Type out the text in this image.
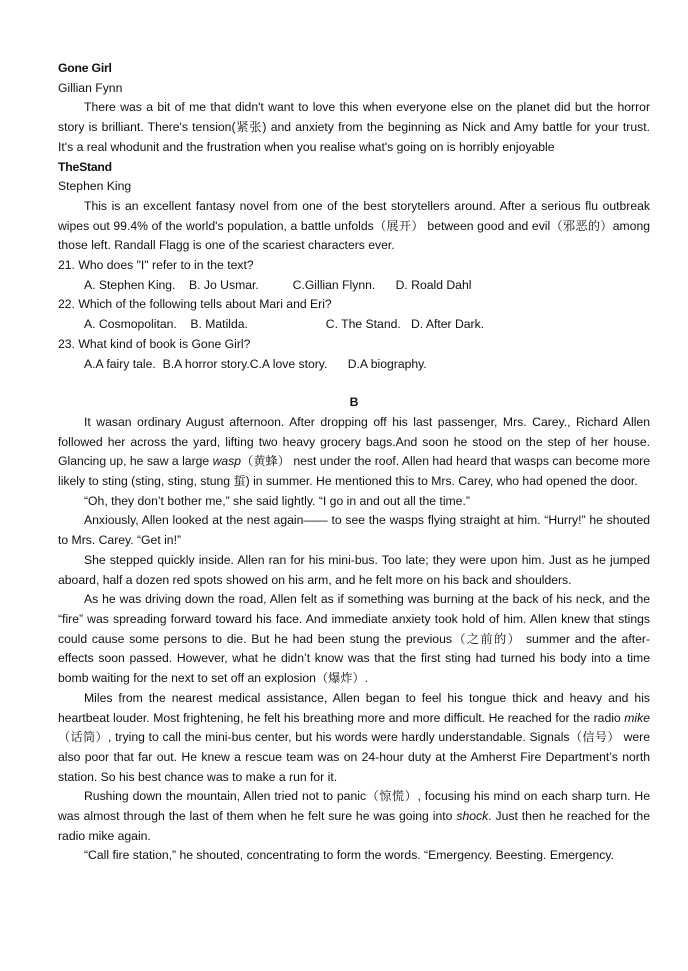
Gone Girl
Gillian Fynn

There was a bit of me that didn't want to love this when everyone else on the planet did but the horror story is brilliant. There's tension(紧张) and anxiety from the beginning as Nick and Amy battle for your trust. It's a real whodunit and the frustration when you realise what's going on is horribly enjoyable

TheStand
Stephen King

This is an excellent fantasy novel from one of the best storytellers around. After a serious flu outbreak wipes out 99.4% of the world's population, a battle unfolds（展开） between good and evil（邪恶的）among those left. Randall Flagg is one of the scariest characters ever.

21. Who does "I" refer to in the text?
A. Stephen King.    B. Jo Usmar.          C.Gillian Flynn.      D. Roald Dahl
22. Which of the following tells about Mari and Eri?
A. Cosmopolitan.    B. Matilda.                       C. The Stand.   D. After Dark.
23. What kind of book is Gone Girl?
A.A fairy tale.  B.A horror story.C.A love story.      D.A biography.
B

It wasan ordinary August afternoon. After dropping off his last passenger, Mrs. Carey., Richard Allen followed her across the yard, lifting two heavy grocery bags.And soon he stood on the step of her house. Glancing up, he saw a large wasp（黄蜂） nest under the roof. Allen had heard that wasps can become more likely to sting (sting, sting, stung 蜇) in summer. He mentioned this to Mrs. Carey, who had opened the door.

“Oh, they don’t bother me,” she said lightly. “I go in and out all the time.”

Anxiously, Allen looked at the nest again—— to see the wasps flying straight at him. “Hurry!” he shouted to Mrs. Carey. “Get in!”

She stepped quickly inside. Allen ran for his mini-bus. Too late; they were upon him. Just as he jumped aboard, half a dozen red spots showed on his arm, and he felt more on his back and shoulders.

As he was driving down the road, Allen felt as if something was burning at the back of his neck, and the “fire” was spreading forward toward his face. And immediate anxiety took hold of him. Allen knew that stings could cause some persons to die. But he had been stung the previous（之前的） summer and the after-effects soon passed. However, what he didn’t know was that the first sting had turned his body into a time bomb waiting for the next to set off an explosion（爆炸）.

Miles from the nearest medical assistance, Allen began to feel his tongue thick and heavy and his heartbeat louder. Most frightening, he felt his breathing more and more difficult. He reached for the radio mike（话筒）, trying to call the mini-bus center, but his words were hardly understandable. Signals（信号） were also poor that far out. He knew a rescue team was on 24-hour duty at the Amherst Fire Department’s north station. So his best chance was to make a run for it.

Rushing down the mountain, Allen tried not to panic（惊慌）, focusing his mind on each sharp turn. He was almost through the last of them when he felt sure he was going into shock. Just then he reached for the radio mike again.

“Call fire station,” he shouted, concentrating to form the words. “Emergency. Beesting. Emergency.
